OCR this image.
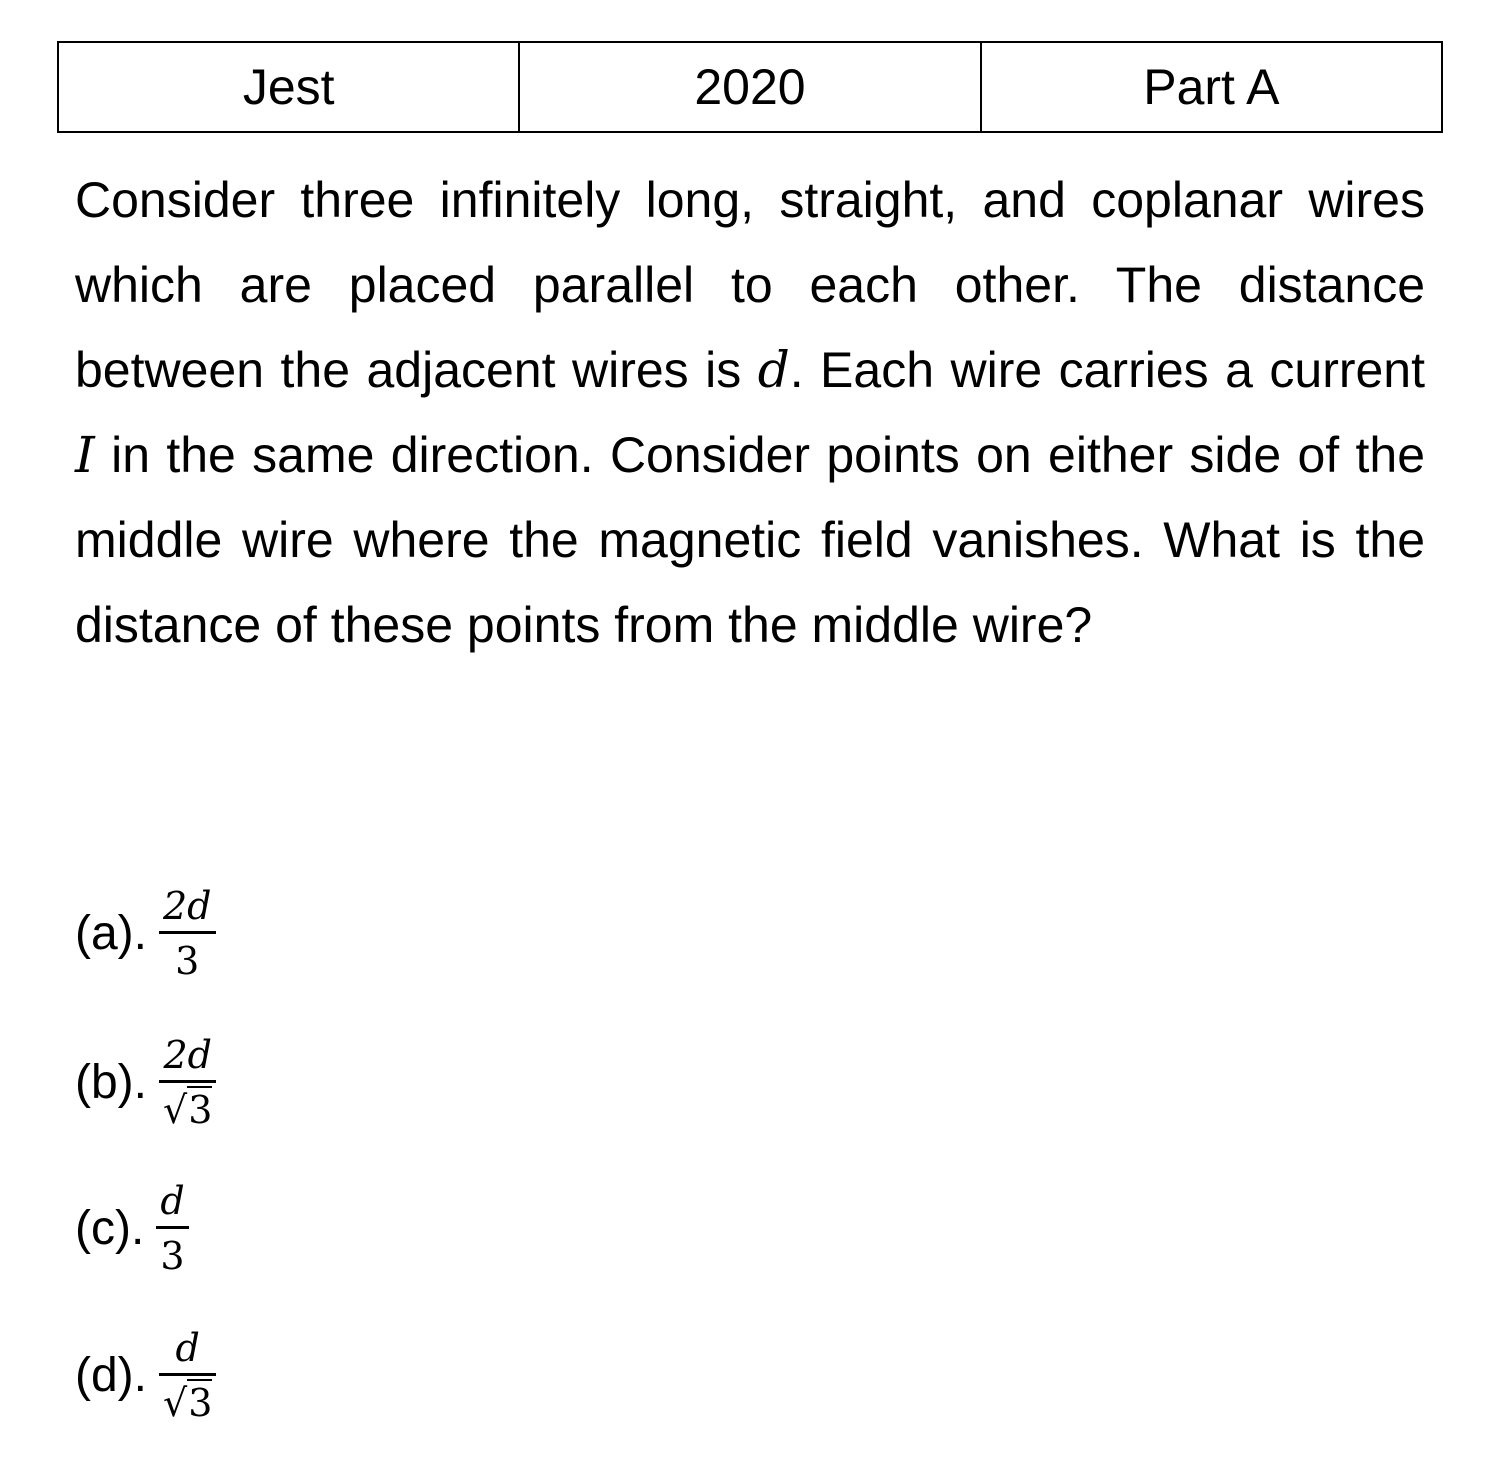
Jest	2020	Part A

Consider three infinitely long, straight, and coplanar wires which are placed parallel to each other. The distance between the adjacent wires is d. Each wire carries a current I in the same direction. Consider points on either side of the middle wire where the magnetic field vanishes. What is the distance of these points from the middle wire?

(a). $\frac{2d}{3}$
(b). $\frac{2d}{√3}$
(c). $\frac{d}{3}$
(d). $\frac{d}{√3}$
